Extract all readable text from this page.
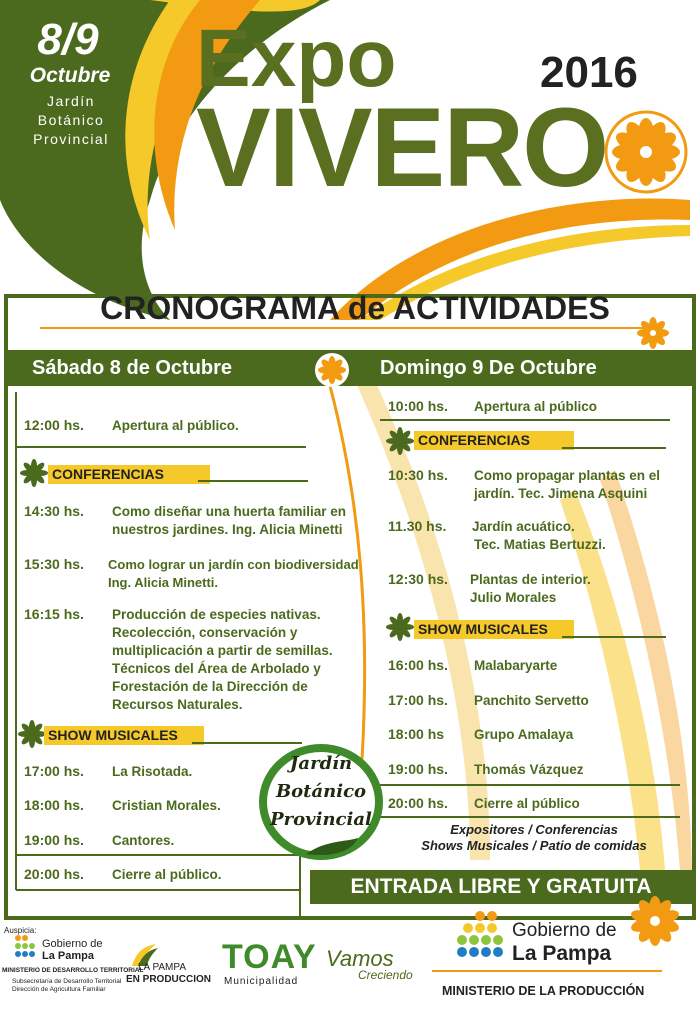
8/9
Octubre
Jardín
Botánico
Provincial
Expo
VIVERO
2016
CRONOGRAMA de ACTIVIDADES
Sábado 8 de Octubre	Domingo 9 De Octubre
12:00 hs. Apertura al público.
CONFERENCIAS
14:30 hs. Como diseñar una huerta familiar en
nuestros jardines. Ing. Alicia Minetti
15:30 hs. Como lograr un jardín con biodiversidad
Ing. Alicia Minetti.
16:15 hs. Producción de especies nativas.
Recolección, conservación y
multiplicación a partir de semillas.
Técnicos del Área de Arbolado y
Forestación de la Dirección de
Recursos Naturales.
SHOW MUSICALES
17:00 hs. La Risotada.
18:00 hs. Cristian Morales.
19:00 hs. Cantores.
20:00 hs. Cierre al público.
10:00 hs. Apertura al público
CONFERENCIAS
10:30 hs. Como propagar plantas en el
jardín. Tec. Jimena Asquini
11.30 hs. Jardín acuático.
Tec. Matias Bertuzzi.
12:30 hs. Plantas de interior.
Julio Morales
SHOW MUSICALES
16:00 hs. Malabaryarte
17:00 hs. Panchito Servetto
18:00 hs Grupo Amalaya
19:00 hs. Thomás Vázquez
20:00 hs. Cierre al público
Jardín
Botánico
Provincial	Expositores / Conferencias
Shows Musicales / Patio de comidas
ENTRADA LIBRE Y GRATUITA
Auspicia:
Gobierno de
La Pampa
MINISTERIO DE DESARROLLO TERRITORIAL
Subsecretaría de Desarrollo Territorial
Dirección de Agricultura Familiar
LA PAMPA
EN PRODUCCION
TOAY
Municipalidad
Vamos
Creciendo
Gobierno de
La Pampa
MINISTERIO DE LA PRODUCCIÓN
